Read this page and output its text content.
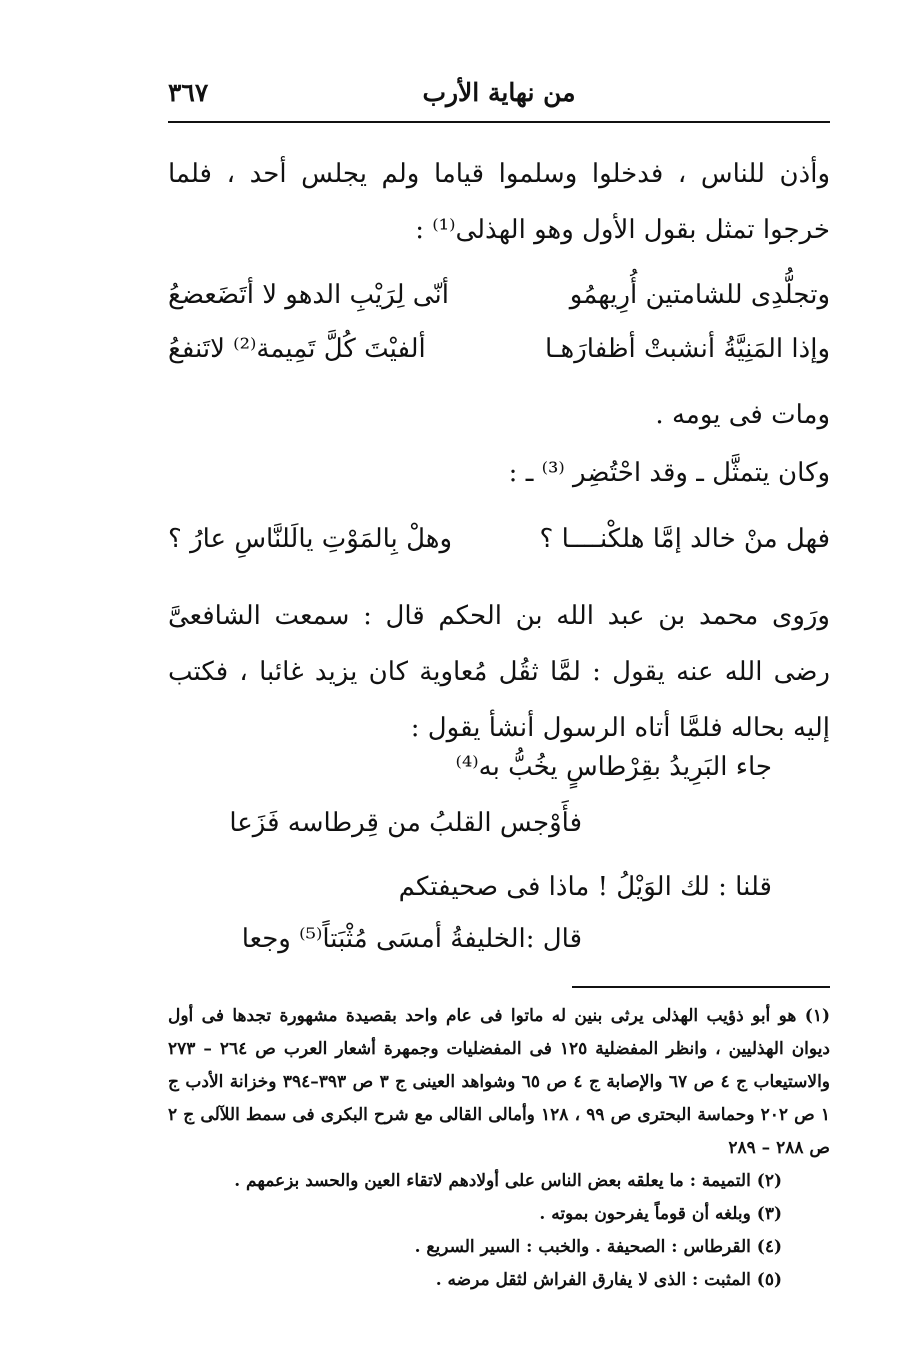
من نهاية الأرب
٣٦٧
وأذن للناس ، فدخلوا وسلموا قياما ولم يجلس أحد ، فلما خرجوا تمثل بقول الأول وهو الهذلى⁽¹⁾ :
وتجلُّدِى للشامتين أُرِيهمُو
أنّى لِرَيْبِ الدهو لا أتَضَعضعُ
وإذا المَنِيَّةُ أنشبتْ أظفارَهـا
ألفيْتَ كُلَّ تَمِيمة⁽²⁾ لاتَنفعُ
ومات فى يومه .
وكان يتمثَّل ـ وقد احْتُضِر ⁽³⁾ ـ :
فهل منْ خالد إمَّا هلكْنــــا ؟
وهلْ بِالمَوْتِ يالَلنَّاسِ عارُ ؟
ورَوى محمد بن عبد الله بن الحكم قال : سمعت الشافعىَّ رضى الله عنه يقول : لمَّا ثقُل مُعاوية كان يزيد غائبا ، فكتب إليه بحاله فلمَّا أتاه الرسول أنشأ يقول :
جاء البَرِيدُ بقِرْطاسٍ يخُبُّ به⁽⁴⁾
فأَوْجس القلبُ من قِرطاسه فَزَعا
قلنا : لك الوَيْلُ ! ماذا فى صحيفتكم
قال :الخليفةُ أمسَى مُثْبَتاً⁽⁵⁾ وجعا
(١) هو أبو ذؤيب الهذلى يرثى بنين له ماتوا فى عام واحد بقصيدة مشهورة تجدها فى أول ديوان الهذليين ، وانظر المفضلية ١٢٥ فى المفضليات وجمهرة أشعار العرب ص ٢٦٤ – ٢٧٣ والاستيعاب ج ٤ ص ٦٧ والإصابة ج ٤ ص ٦٥ وشواهد العينى ج ٣ ص ٣٩٣–٣٩٤ وخزانة الأدب ج ١ ص ٢٠٢ وحماسة البحترى ص ٩٩ ، ١٢٨ وأمالى القالى مع شرح البكرى فى سمط اللآلى ج ٢ ص ٢٨٨ – ٢٨٩
(٢) التميمة : ما يعلقه بعض الناس على أولادهم لاتقاء العين والحسد بزعمهم .
(٣) وبلغه أن قوماً يفرحون بموته .
(٤) القرطاس : الصحيفة . والخبب : السير السريع .
(٥) المثبت : الذى لا يفارق الفراش لثقل مرضه .
